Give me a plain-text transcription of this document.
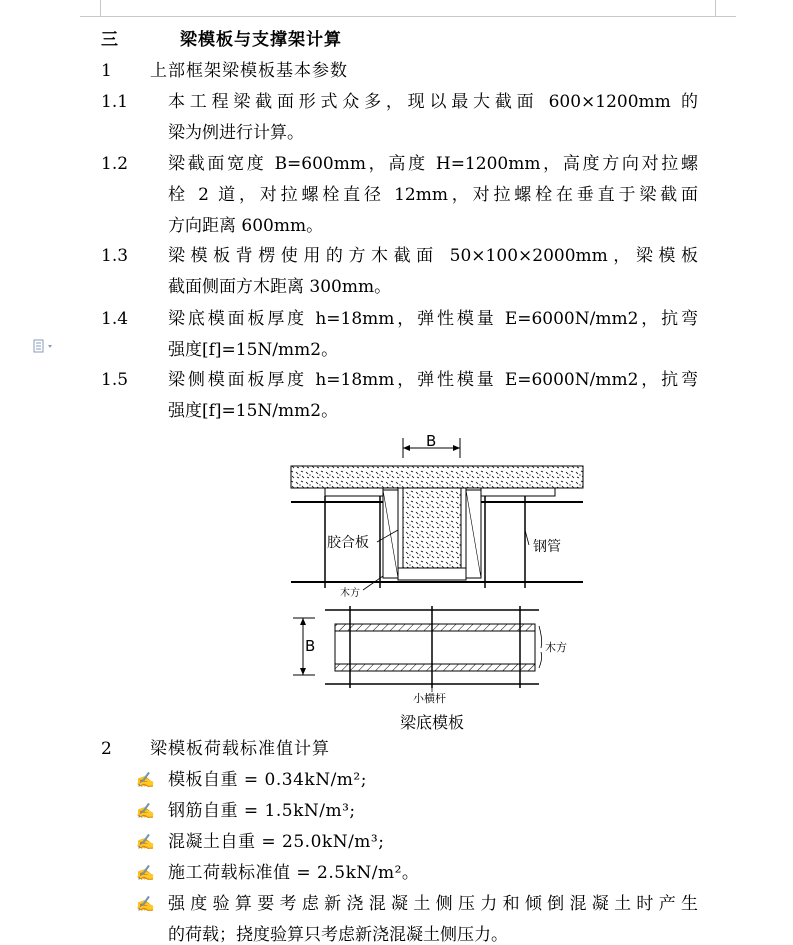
三	梁模板与支撑架计算
1 上部框架梁模板基本参数
1.1 本工程梁截面形式众多，现以最大截面 600×1200mm 的
梁为例进行计算。
1.2 梁截面宽度 B=600mm，高度 H=1200mm，高度方向对拉螺
栓 2 道，对拉螺栓直径 12mm，对拉螺栓在垂直于梁截面
方向距离 600mm。
1.3 梁模板背楞使用的方木截面 50×100×2000mm，梁模板
截面侧面方木距离 300mm。
1.4 梁底模面板厚度 h=18mm，弹性模量 E=6000N/mm2，抗弯
强度[f]=15N/mm2。
1.5 梁侧模面板厚度 h=18mm，弹性模量 E=6000N/mm2，抗弯
强度[f]=15N/mm2。
B
胶合板	钢管
木方
B	木方
小横杆
梁底模板
2 梁模板荷载标准值计算
✍ 模板自重 = 0.34kN/m²;
✍ 钢筋自重 = 1.5kN/m³;
✍ 混凝土自重 = 25.0kN/m³;
✍ 施工荷载标准值 = 2.5kN/m²。
✍ 强度验算要考虑新浇混凝土侧压力和倾倒混凝土时产生
的荷载；挠度验算只考虑新浇混凝土侧压力。
